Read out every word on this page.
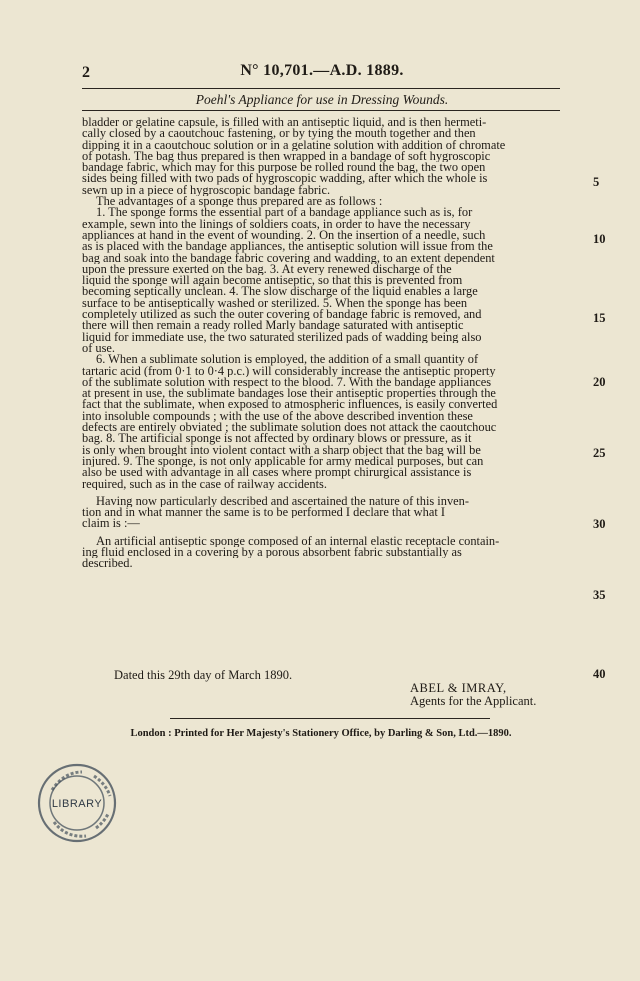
2	N° 10,701.—A.D. 1889.
Poehl's Appliance for use in Dressing Wounds.
bladder or gelatine capsule, is filled with an antiseptic liquid, and is then hermeti-
cally closed by a caoutchouc fastening, or by tying the mouth together and then
dipping it in a caoutchouc solution or in a gelatine solution with addition of chromate
of potash. The bag thus prepared is then wrapped in a bandage of soft hygroscopic
bandage fabric, which may for this purpose be rolled round the bag, the two open
sides being filled with two pads of hygroscopic wadding, after which the whole is
sewn up in a piece of hygroscopic bandage fabric.
The advantages of a sponge thus prepared are as follows :
1. The sponge forms the essential part of a bandage appliance such as is, for
example, sewn into the linings of soldiers coats, in order to have the necessary
appliances at hand in the event of wounding. 2. On the insertion of a needle, such
as is placed with the bandage appliances, the antiseptic solution will issue from the
bag and soak into the bandage fabric covering and wadding, to an extent dependent
upon the pressure exerted on the bag. 3. At every renewed discharge of the
liquid the sponge will again become antiseptic, so that this is prevented from
becoming septically unclean. 4. The slow discharge of the liquid enables a large
surface to be antiseptically washed or sterilized. 5. When the sponge has been
completely utilized as such the outer covering of bandage fabric is removed, and
there will then remain a ready rolled Marly bandage saturated with antiseptic
liquid for immediate use, the two saturated sterilized pads of wadding being also
of use.
6. When a sublimate solution is employed, the addition of a small quantity of
tartaric acid (from 0·1 to 0·4 p.c.) will considerably increase the antiseptic property
of the sublimate solution with respect to the blood. 7. With the bandage appliances
at present in use, the sublimate bandages lose their antiseptic properties through the
fact that the sublimate, when exposed to atmospheric influences, is easily converted
into insoluble compounds ; with the use of the above described invention these
defects are entirely obviated ; the sublimate solution does not attack the caoutchouc
bag. 8. The artificial sponge is not affected by ordinary blows or pressure, as it
is only when brought into violent contact with a sharp object that the bag will be
injured. 9. The sponge, is not only applicable for army medical purposes, but can
also be used with advantage in all cases where prompt chirurgical assistance is
required, such as in the case of railway accidents.
Having now particularly described and ascertained the nature of this inven-
tion and in what manner the same is to be performed I declare that what I
claim is :—
An artificial antiseptic sponge composed of an internal elastic receptacle contain-
ing fluid enclosed in a covering by a porous absorbent fabric substantially as
described.
5
10
15
20
25
30
35
40
Dated this 29th day of March 1890.
ABEL & IMRAY,
Agents for the Applicant.
London : Printed for Her Majesty's Stationery Office, by Darling & Son, Ltd.—1890.
LIBRARY
